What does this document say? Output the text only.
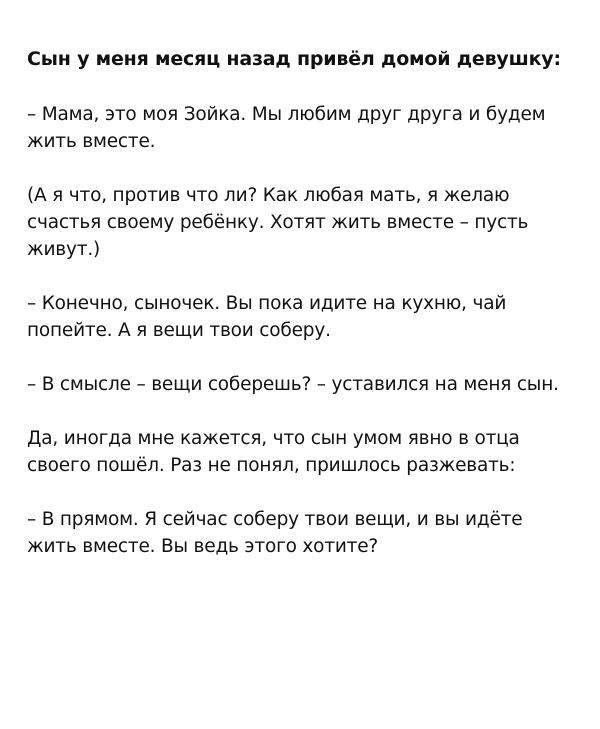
Сын у меня месяц назад привёл домой девушку:

– Мама, это моя Зойка. Мы любим друг друга и будем жить вместе.

(А я что, против что ли? Как любая мать, я желаю счастья своему ребёнку. Хотят жить вместе – пусть живут.)

– Конечно, сыночек. Вы пока идите на кухню, чай попейте. А я вещи твои соберу.

– В смысле – вещи соберешь? – уставился на меня сын.

Да, иногда мне кажется, что сын умом явно в отца своего пошёл. Раз не понял, пришлось разжевать:

– В прямом. Я сейчас соберу твои вещи, и вы идёте жить вместе. Вы ведь этого хотите?
